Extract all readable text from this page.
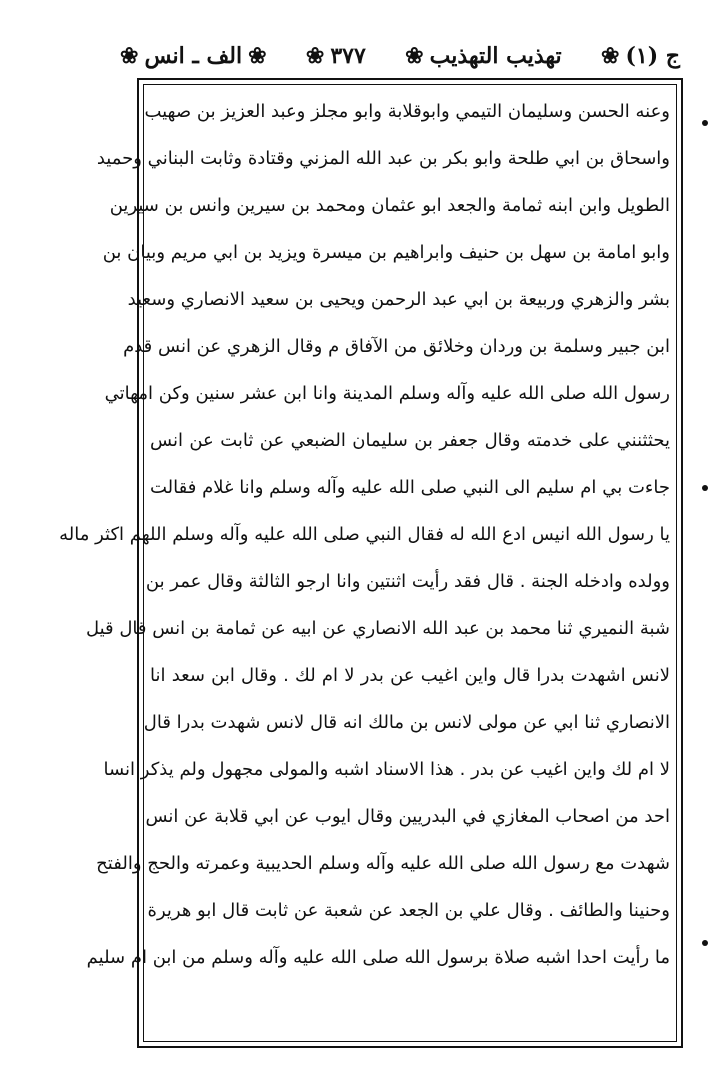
ج (١)
❀
تهذيب التهذيب
❀
٣٧٧
❀
❀
الف ـ انس
❀
وعنه الحسن وسليمان التيمي وابوقلابة وابو مجلز وعبد العزيز بن صهيب
واسحاق بن ابي طلحة وابو بكر بن عبد الله المزني وقتادة وثابت البناني وحميد
الطويل وابن ابنه ثمامة والجعد ابو عثمان ومحمد بن سيرين وانس بن سيرين
وابو امامة بن سهل بن حنيف وابراهيم بن ميسرة ويزيد بن ابي مريم وبيان بن
بشر والزهري وربيعة بن ابي عبد الرحمن ويحيى بن سعيد الانصاري وسعيد
ابن جبير وسلمة بن وردان وخلائق من الآفاق م وقال الزهري عن انس قدم
رسول الله صلى الله عليه وآله وسلم المدينة وانا ابن عشر سنين وكن امهاتي
يحثثنني على خدمته وقال جعفر بن سليمان الضبعي عن ثابت عن انس
جاءت بي ام سليم الى النبي صلى الله عليه وآله وسلم وانا غلام فقالت
يا رسول الله انيس ادع الله له فقال النبي صلى الله عليه وآله وسلم اللهم اكثر ماله
وولده وادخله الجنة . قال فقد رأيت اثنتين وانا ارجو الثالثة وقال عمر بن
شبة النميري ثنا محمد بن عبد الله الانصاري عن ابيه عن ثمامة بن انس قال قيل
لانس اشهدت بدرا قال واين اغيب عن بدر لا ام لك . وقال ابن سعد انا
الانصاري ثنا ابي عن مولى لانس بن مالك انه قال لانس شهدت بدرا قال
لا ام لك واين اغيب عن بدر . هذا الاسناد اشبه والمولى مجهول ولم يذكر انسا
احد من اصحاب المغازي في البدريين وقال ايوب عن ابي قلابة عن انس
شهدت مع رسول الله صلى الله عليه وآله وسلم الحديبية وعمرته والحج والفتح
وحنينا والطائف . وقال علي بن الجعد عن شعبة عن ثابت قال ابو هريرة
ما رأيت احدا اشبه صلاة برسول الله صلى الله عليه وآله وسلم من ابن ام سليم
